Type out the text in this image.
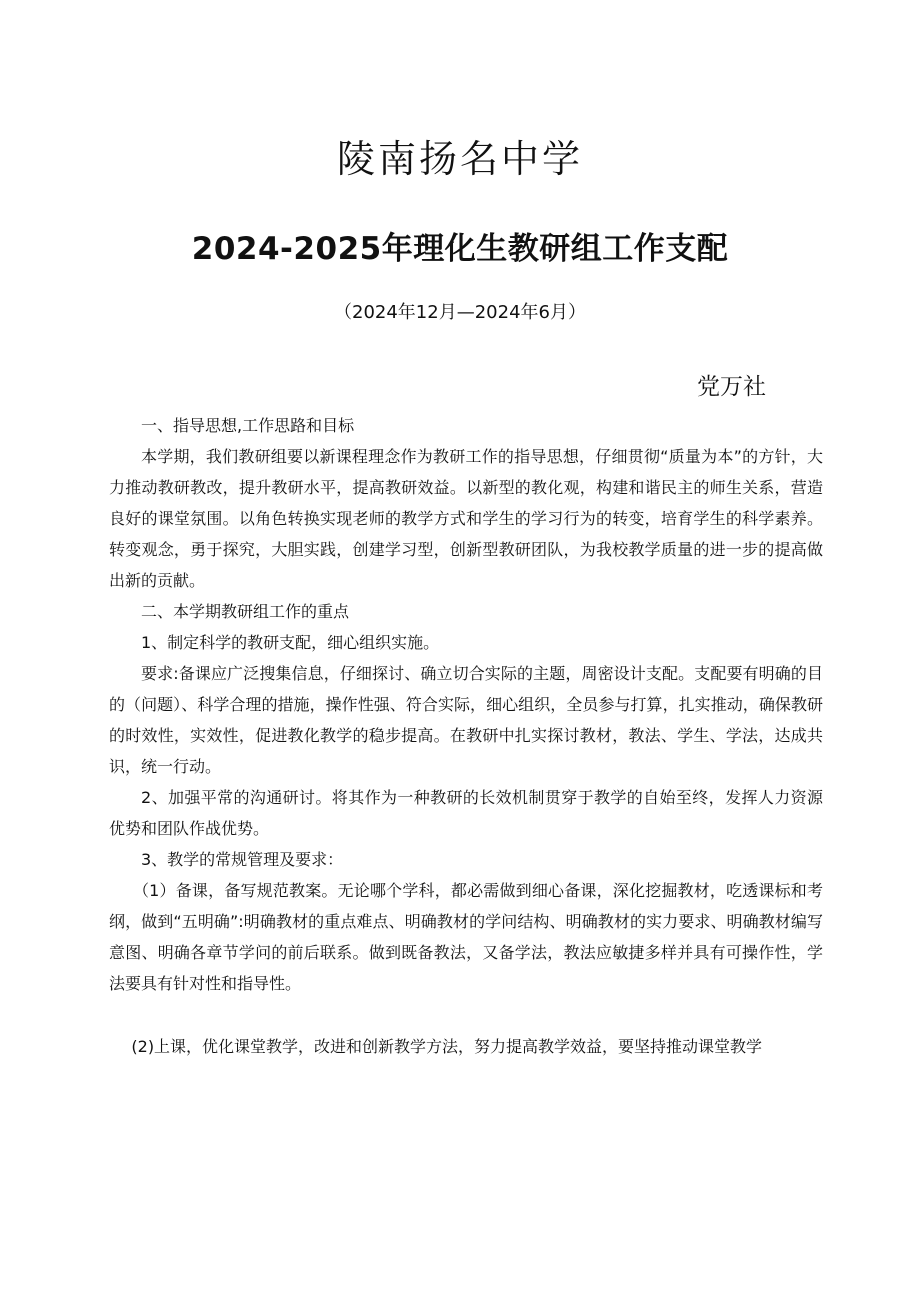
陵南扬名中学
2024-2025年理化生教研组工作支配
（2024年12月—2024年6月）
党万社

一、指导思想,工作思路和目标

本学期，我们教研组要以新课程理念作为教研工作的指导思想，仔细贯彻“质量为本”的方针，大力推动教研教改，提升教研水平，提高教研效益。以新型的教化观，构建和谐民主的师生关系，营造良好的课堂氛围。以角色转换实现老师的教学方式和学生的学习行为的转变，培育学生的科学素养。转变观念，勇于探究，大胆实践，创建学习型，创新型教研团队，为我校教学质量的进一步的提高做出新的贡献。

二、本学期教研组工作的重点

1、制定科学的教研支配，细心组织实施。

要求:备课应广泛搜集信息，仔细探讨、确立切合实际的主题，周密设计支配。支配要有明确的目的（问题）、科学合理的措施，操作性强、符合实际，细心组织，全员参与打算，扎实推动，确保教研的时效性，实效性，促进教化教学的稳步提高。在教研中扎实探讨教材，教法、学生、学法，达成共识，统一行动。

2、加强平常的沟通研讨。将其作为一种教研的长效机制贯穿于教学的自始至终，发挥人力资源优势和团队作战优势。

3、教学的常规管理及要求：

（1）备课，备写规范教案。无论哪个学科，都必需做到细心备课，深化挖掘教材，吃透课标和考纲，做到“五明确”:明确教材的重点难点、明确教材的学问结构、明确教材的实力要求、明确教材编写意图、明确各章节学问的前后联系。做到既备教法，又备学法，教法应敏捷多样并具有可操作性，学法要具有针对性和指导性。

(2)上课，优化课堂教学，改进和创新教学方法，努力提高教学效益，要坚持推动课堂教学
